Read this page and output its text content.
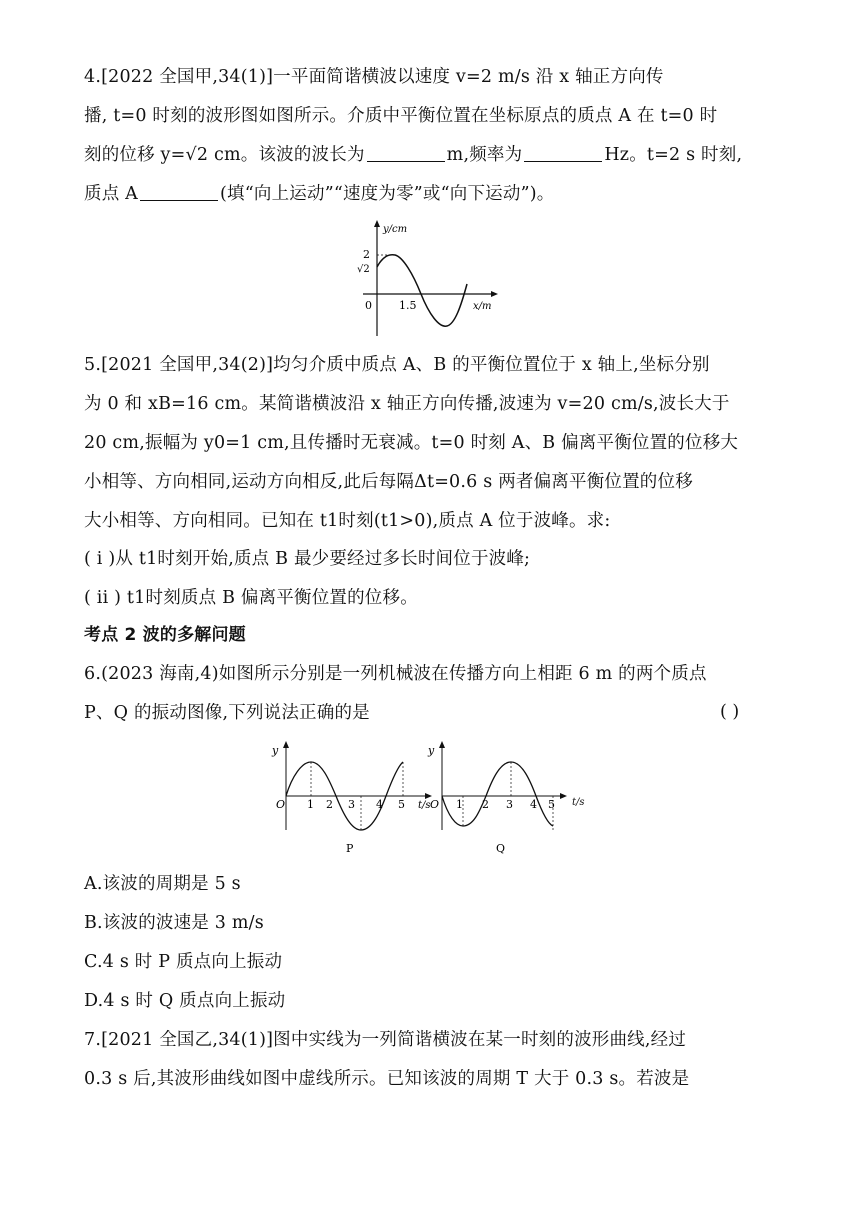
4.[2022 全国甲,34(1)]一平面简谐横波以速度 v=2 m/s 沿 x 轴正方向传
播, t=0 时刻的波形图如图所示。介质中平衡位置在坐标原点的质点 A 在 t=0 时
刻的位移 y=√2 cm。该波的波长为	m,频率为	Hz。t=2 s 时刻,
质点 A	(填“向上运动”“速度为零”或“向下运动”)。
y/cm
2
√2
0 1.5	x/m
5.[2021 全国甲,34(2)]均匀介质中质点 A、B 的平衡位置位于 x 轴上,坐标分别
为 0 和 xB=16 cm。某简谐横波沿 x 轴正方向传播,波速为 v=20 cm/s,波长大于
20 cm,振幅为 y0=1 cm,且传播时无衰减。t=0 时刻 A、B 偏离平衡位置的位移大
小相等、方向相同,运动方向相反,此后每隔Δt=0.6 s 两者偏离平衡位置的位移
大小相等、方向相同。已知在 t1时刻(t1>0),质点 A 位于波峰。求:
( i )从 t1时刻开始,质点 B 最少要经过多长时间位于波峰;
( ii ) t1时刻质点 B 偏离平衡位置的位移。
考点 2 波的多解问题
6.(2023 海南,4)如图所示分别是一列机械波在传播方向上相距 6 m 的两个质点
P、Q 的振动图像,下列说法正确的是	( )
y
O 1 2 3 4 5 t/s
P
y
O 1 2 3 4 5
Q
t/s
A.该波的周期是 5 s
B.该波的波速是 3 m/s
C.4 s 时 P 质点向上振动
D.4 s 时 Q 质点向上振动
7.[2021 全国乙,34(1)]图中实线为一列简谐横波在某一时刻的波形曲线,经过
0.3 s 后,其波形曲线如图中虚线所示。已知该波的周期 T 大于 0.3 s。若波是
